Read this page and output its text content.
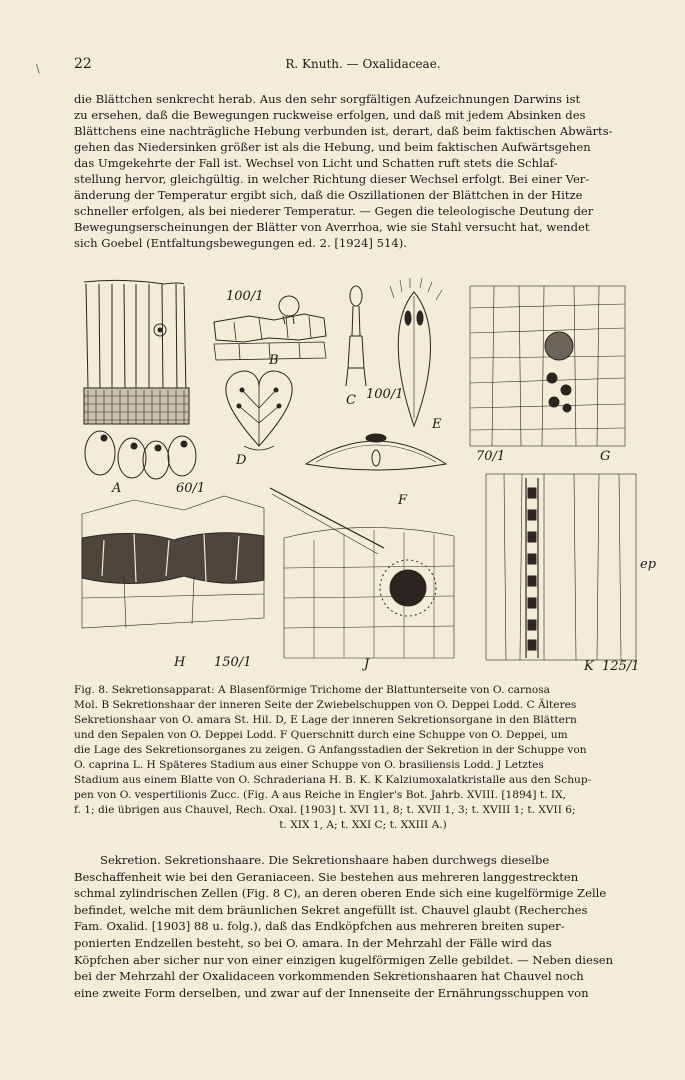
\ 22	R. Knuth. — Oxalidaceae.

die Blättchen senkrecht herab. Aus den sehr sorgfältigen Aufzeichnungen Darwins ist

zu ersehen, daß die Bewegungen ruckweise erfolgen, und daß mit jedem Absinken des

Blättchens eine nachträgliche Hebung verbunden ist, derart, daß beim faktischen Abwärts-

gehen das Niedersinken größer ist als die Hebung, und beim faktischen Aufwärtsgehen

das Umgekehrte der Fall ist. Wechsel von Licht und Schatten ruft stets die Schlaf-

stellung hervor, gleichgültig. in welcher Richtung dieser Wechsel erfolgt. Bei einer Ver-

änderung der Temperatur ergibt sich, daß die Oszillationen der Blättchen in der Hitze

schneller erfolgen, als bei niederer Temperatur. — Gegen die teleologische Deutung der

Bewegungserscheinungen der Blätter von Averrhoa, wie sie Stahl versucht hat, wendet

sich Goebel (Entfaltungsbewegungen ed. 2. [1924] 514).

A
B
C
D
E
F
G
H	J	K
ep
100/1
100/1
60/1
70/1
150/1	125/1
Fig. 8. Sekretionsapparat: A Blasenförmige Trichome der Blattunterseite von O. carnosa
Mol. B Sekretionshaar der inneren Seite der Zwiebelschuppen von O. Deppei Lodd. C Älteres
Sekretionshaar von O. amara St. Hil. D, E Lage der inneren Sekretionsorgane in den Blättern
und den Sepalen von O. Deppei Lodd. F Querschnitt durch eine Schuppe von O. Deppei, um
die Lage des Sekretionsorganes zu zeigen. G Anfangsstadien der Sekretion in der Schuppe von
O. caprina L. H Späteres Stadium aus einer Schuppe von O. brasiliensis Lodd. J Letztes
Stadium aus einem Blatte von O. Schraderiana H. B. K. K Kalziumoxalatkristalle aus den Schup-
pen von O. vespertilionis Zucc. (Fig. A aus Reiche in Engler's Bot. Jahrb. XVIII. [1894] t. IX,
f. 1; die übrigen aus Chauvel, Rech. Oxal. [1903] t. XVI 11, 8; t. XVII 1, 3; t. XVIII 1; t. XVII 6;
t. XIX 1, A; t. XXI C; t. XXIII A.)

Sekretion. Sekretionshaare. Die Sekretionshaare haben durchwegs dieselbe

Beschaffenheit wie bei den Geraniaceen. Sie bestehen aus mehreren langgestreckten

schmal zylindrischen Zellen (Fig. 8 C), an deren oberen Ende sich eine kugelförmige Zelle

befindet, welche mit dem bräunlichen Sekret angefüllt ist. Chauvel glaubt (Recherches

Fam. Oxalid. [1903] 88 u. folg.), daß das Endköpfchen aus mehreren breiten super-

ponierten Endzellen besteht, so bei O. amara. In der Mehrzahl der Fälle wird das

Köpfchen aber sicher nur von einer einzigen kugelförmigen Zelle gebildet. — Neben diesen

bei der Mehrzahl der Oxalidaceen vorkommenden Sekretionshaaren hat Chauvel noch

eine zweite Form derselben, und zwar auf der Innenseite der Ernährungsschuppen von
